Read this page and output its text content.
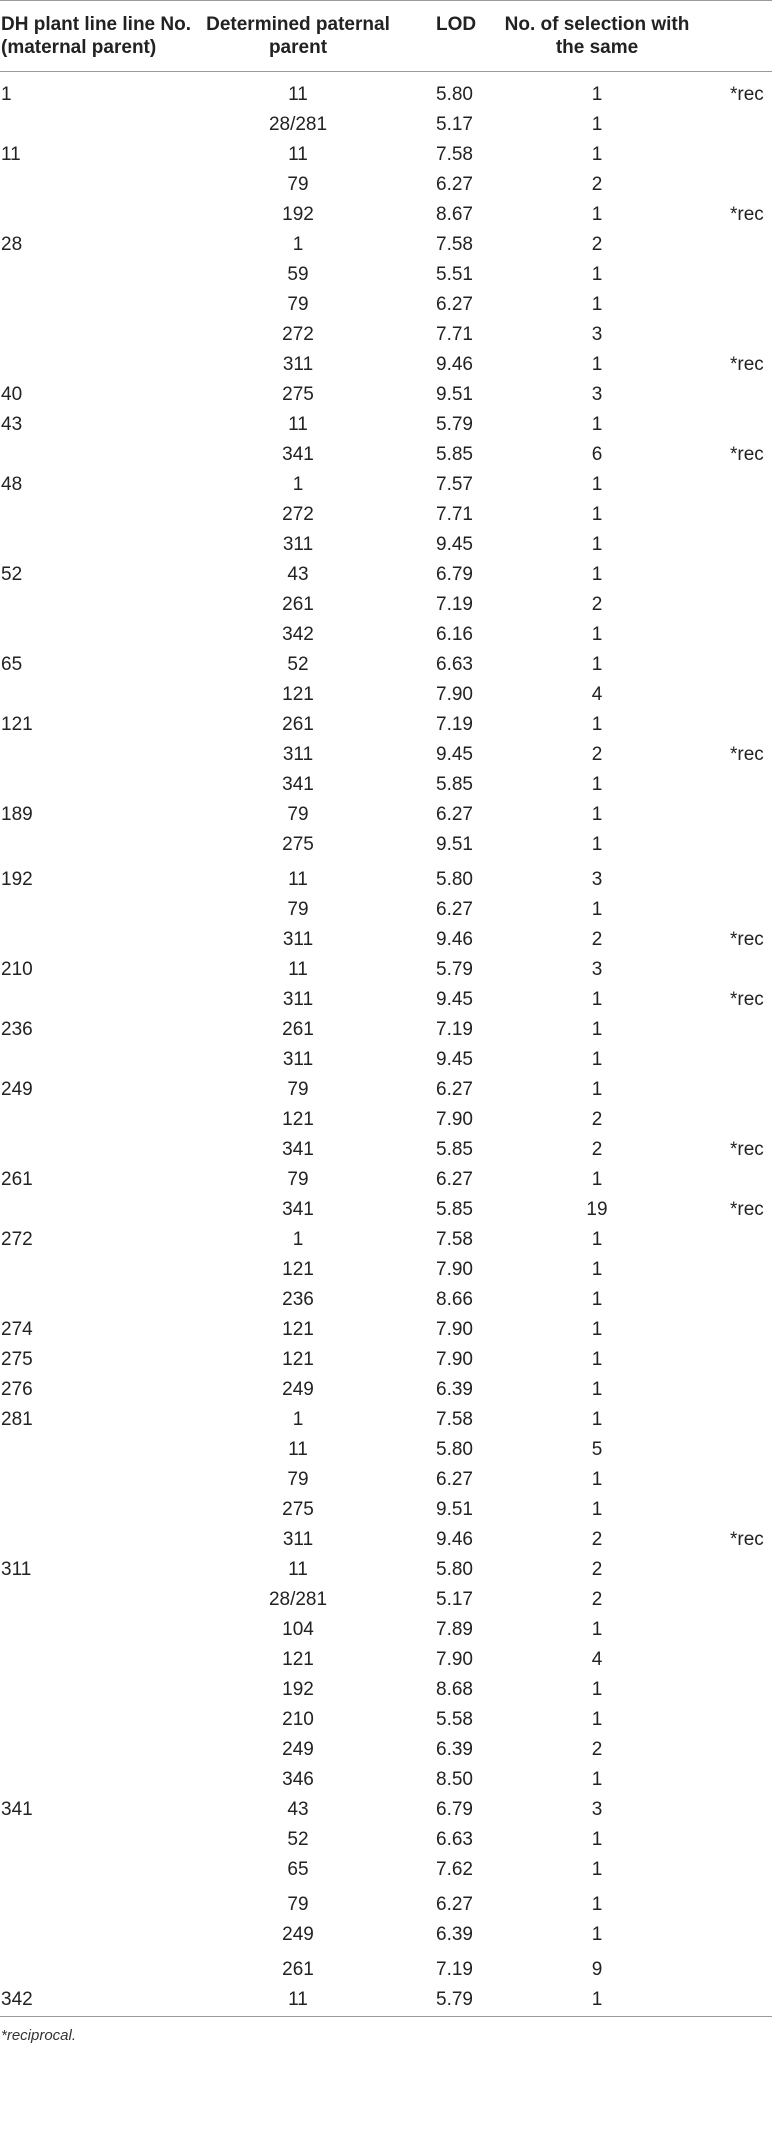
DH plant line line No. (maternal parent)	Determined paternal parent	LOD	No. of selection with the same	
1	11	5.80	1	*rec
	28/281	5.17	1	
11	11	7.58	1	
	79	6.27	2	
	192	8.67	1	*rec
28	1	7.58	2	
	59	5.51	1	
	79	6.27	1	
	272	7.71	3	
	311	9.46	1	*rec
40	275	9.51	3	
43	11	5.79	1	
	341	5.85	6	*rec
48	1	7.57	1	
	272	7.71	1	
	311	9.45	1	
52	43	6.79	1	
	261	7.19	2	
	342	6.16	1	
65	52	6.63	1	
	121	7.90	4	
121	261	7.19	1	
	311	9.45	2	*rec
	341	5.85	1	
189	79	6.27	1	
	275	9.51	1	
192	11	5.80	3	
	79	6.27	1	
	311	9.46	2	*rec
210	11	5.79	3	
	311	9.45	1	*rec
236	261	7.19	1	
	311	9.45	1	
249	79	6.27	1	
	121	7.90	2	
	341	5.85	2	*rec
261	79	6.27	1	
	341	5.85	19	*rec
272	1	7.58	1	
	121	7.90	1	
	236	8.66	1	
274	121	7.90	1	
275	121	7.90	1	
276	249	6.39	1	
281	1	7.58	1	
	11	5.80	5	
	79	6.27	1	
	275	9.51	1	
	311	9.46	2	*rec
311	11	5.80	2	
	28/281	5.17	2	
	104	7.89	1	
	121	7.90	4	
	192	8.68	1	
	210	5.58	1	
	249	6.39	2	
	346	8.50	1	
341	43	6.79	3	
	52	6.63	1	
	65	7.62	1	
	79	6.27	1	
	249	6.39	1	
	261	7.19	9	
342	11	5.79	1	
*reciprocal.
